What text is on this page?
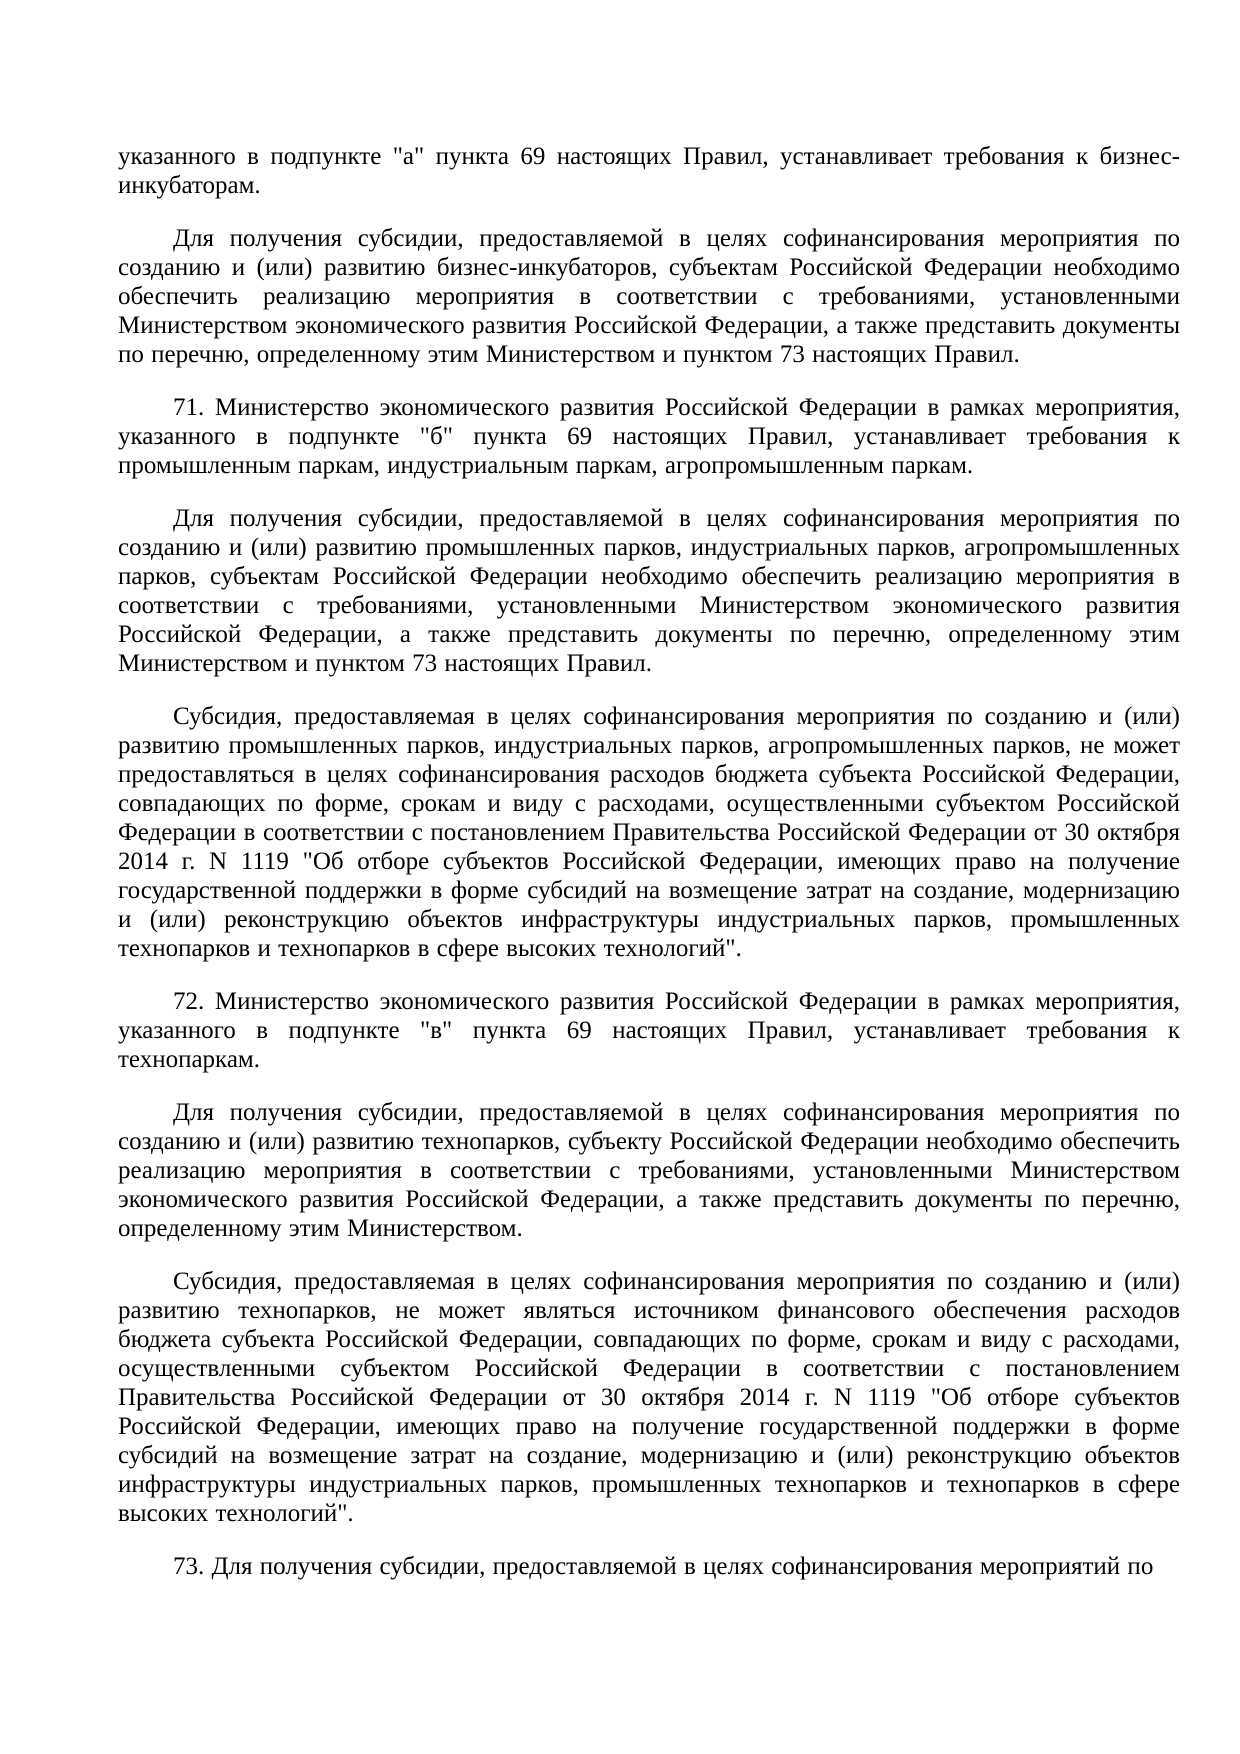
указанного в подпункте "а" пункта 69 настоящих Правил, устанавливает требования к бизнес-инкубаторам.

Для получения субсидии, предоставляемой в целях софинансирования мероприятия по созданию и (или) развитию бизнес-инкубаторов, субъектам Российской Федерации необходимо обеспечить реализацию мероприятия в соответствии с требованиями, установленными Министерством экономического развития Российской Федерации, а также представить документы по перечню, определенному этим Министерством и пунктом 73 настоящих Правил.

71. Министерство экономического развития Российской Федерации в рамках мероприятия, указанного в подпункте "б" пункта 69 настоящих Правил, устанавливает требования к промышленным паркам, индустриальным паркам, агропромышленным паркам.

Для получения субсидии, предоставляемой в целях софинансирования мероприятия по созданию и (или) развитию промышленных парков, индустриальных парков, агропромышленных парков, субъектам Российской Федерации необходимо обеспечить реализацию мероприятия в соответствии с требованиями, установленными Министерством экономического развития Российской Федерации, а также представить документы по перечню, определенному этим Министерством и пунктом 73 настоящих Правил.

Субсидия, предоставляемая в целях софинансирования мероприятия по созданию и (или) развитию промышленных парков, индустриальных парков, агропромышленных парков, не может предоставляться в целях софинансирования расходов бюджета субъекта Российской Федерации, совпадающих по форме, срокам и виду с расходами, осуществленными субъектом Российской Федерации в соответствии с постановлением Правительства Российской Федерации от 30 октября 2014 г. N 1119 "Об отборе субъектов Российской Федерации, имеющих право на получение государственной поддержки в форме субсидий на возмещение затрат на создание, модернизацию и (или) реконструкцию объектов инфраструктуры индустриальных парков, промышленных технопарков и технопарков в сфере высоких технологий".

72. Министерство экономического развития Российской Федерации в рамках мероприятия, указанного в подпункте "в" пункта 69 настоящих Правил, устанавливает требования к технопаркам.

Для получения субсидии, предоставляемой в целях софинансирования мероприятия по созданию и (или) развитию технопарков, субъекту Российской Федерации необходимо обеспечить реализацию мероприятия в соответствии с требованиями, установленными Министерством экономического развития Российской Федерации, а также представить документы по перечню, определенному этим Министерством.

Субсидия, предоставляемая в целях софинансирования мероприятия по созданию и (или) развитию технопарков, не может являться источником финансового обеспечения расходов бюджета субъекта Российской Федерации, совпадающих по форме, срокам и виду с расходами, осуществленными субъектом Российской Федерации в соответствии с постановлением Правительства Российской Федерации от 30 октября 2014 г. N 1119 "Об отборе субъектов Российской Федерации, имеющих право на получение государственной поддержки в форме субсидий на возмещение затрат на создание, модернизацию и (или) реконструкцию объектов инфраструктуры индустриальных парков, промышленных технопарков и технопарков в сфере высоких технологий".

73. Для получения субсидии, предоставляемой в целях софинансирования мероприятий по
